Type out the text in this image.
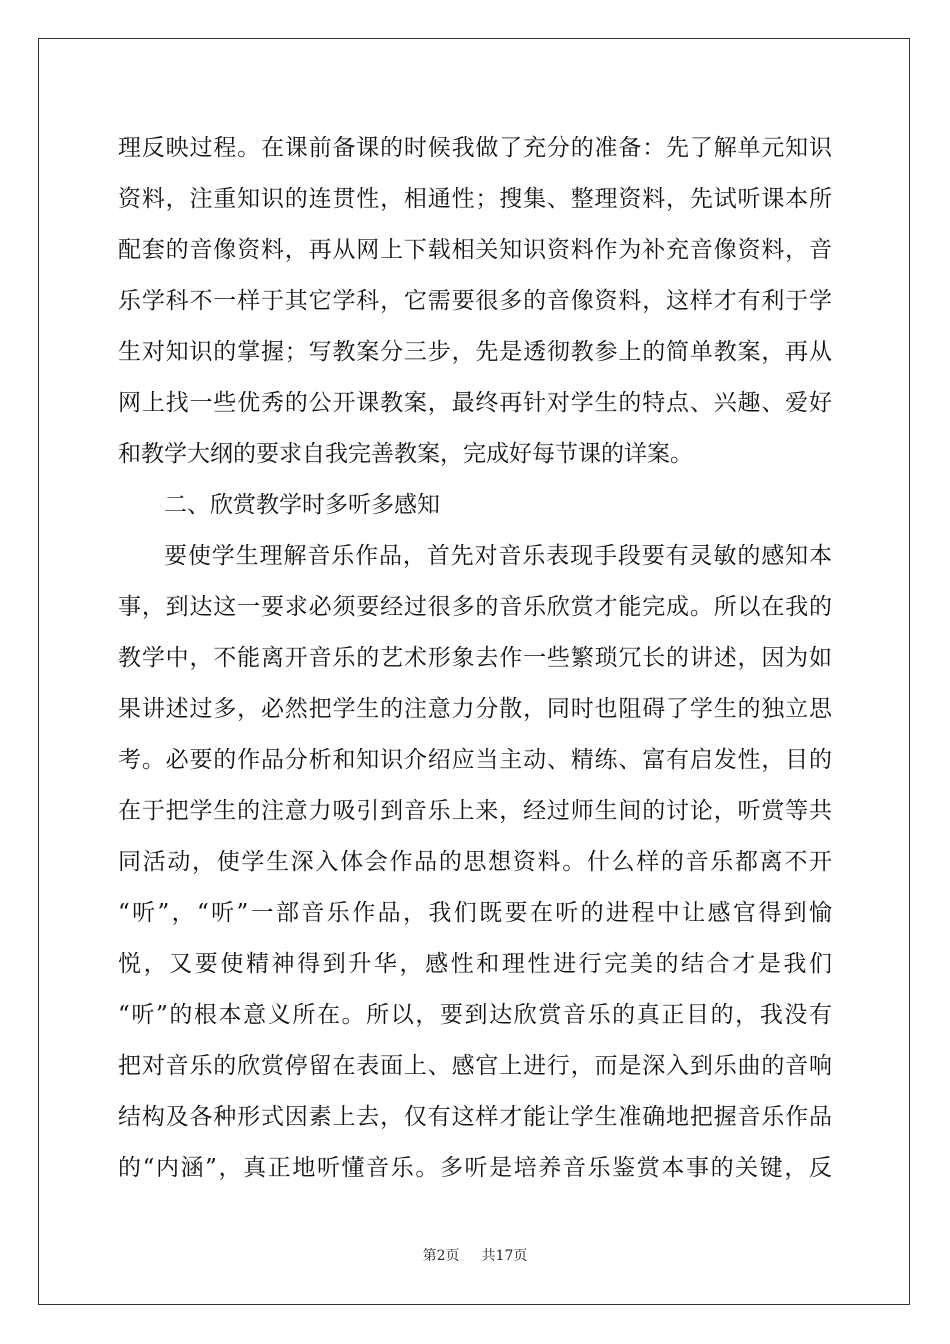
理反映过程。在课前备课的时候我做了充分的准备：先了解单元知识
资料，注重知识的连贯性，相通性；搜集、整理资料，先试听课本所
配套的音像资料，再从网上下载相关知识资料作为补充音像资料，音
乐学科不一样于其它学科，它需要很多的音像资料，这样才有利于学
生对知识的掌握；写教案分三步，先是透彻教参上的简单教案，再从
网上找一些优秀的公开课教案，最终再针对学生的特点、兴趣、爱好
和教学大纲的要求自我完善教案，完成好每节课的详案。
二、欣赏教学时多听多感知
要使学生理解音乐作品，首先对音乐表现手段要有灵敏的感知本
事，到达这一要求必须要经过很多的音乐欣赏才能完成。所以在我的
教学中，不能离开音乐的艺术形象去作一些繁琐冗长的讲述，因为如
果讲述过多，必然把学生的注意力分散，同时也阻碍了学生的独立思
考。必要的作品分析和知识介绍应当主动、精练、富有启发性，目的
在于把学生的注意力吸引到音乐上来，经过师生间的讨论，听赏等共
同活动，使学生深入体会作品的思想资料。什么样的音乐都离不开
“听”，“听”一部音乐作品，我们既要在听的进程中让感官得到愉
悦，又要使精神得到升华，感性和理性进行完美的结合才是我们
“听”的根本意义所在。所以，要到达欣赏音乐的真正目的，我没有
把对音乐的欣赏停留在表面上、感官上进行，而是深入到乐曲的音响
结构及各种形式因素上去，仅有这样才能让学生准确地把握音乐作品
的“内涵”，真正地听懂音乐。多听是培养音乐鉴赏本事的关键，反
第2页 共17页
